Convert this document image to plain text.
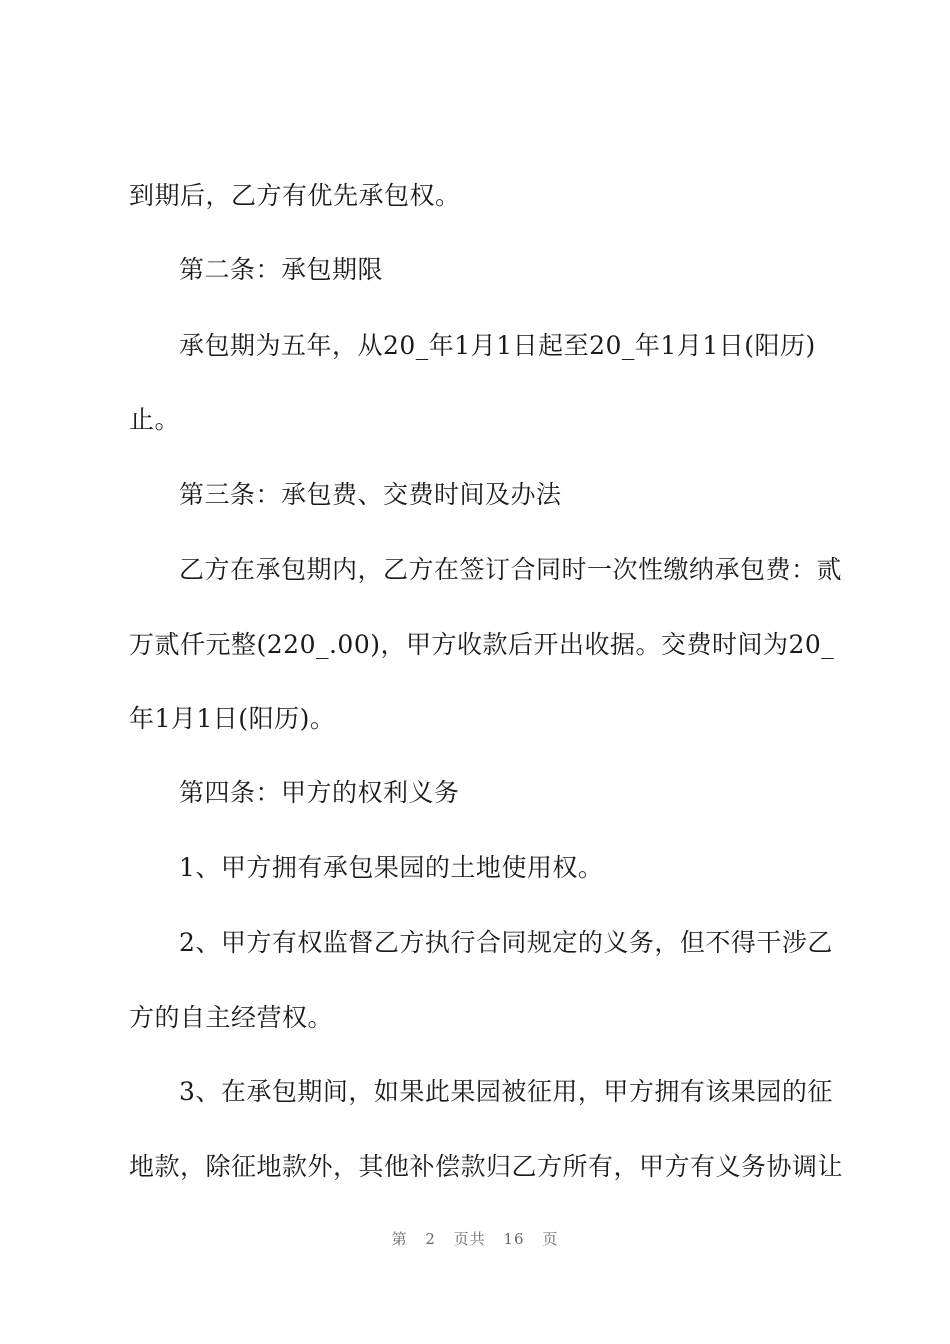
到期后，乙方有优先承包权。
第二条：承包期限
承包期为五年，从20_年1月1日起至20_年1月1日(阳历)
止。
第三条：承包费、交费时间及办法
乙方在承包期内，乙方在签订合同时一次性缴纳承包费：贰
万贰仟元整(220_.00)，甲方收款后开出收据。交费时间为20_
年1月1日(阳历)。
第四条：甲方的权利义务
1、甲方拥有承包果园的土地使用权。
2、甲方有权监督乙方执行合同规定的义务，但不得干涉乙
方的自主经营权。
3、在承包期间，如果此果园被征用，甲方拥有该果园的征
地款，除征地款外，其他补偿款归乙方所有，甲方有义务协调让
第 2 页共 16 页
